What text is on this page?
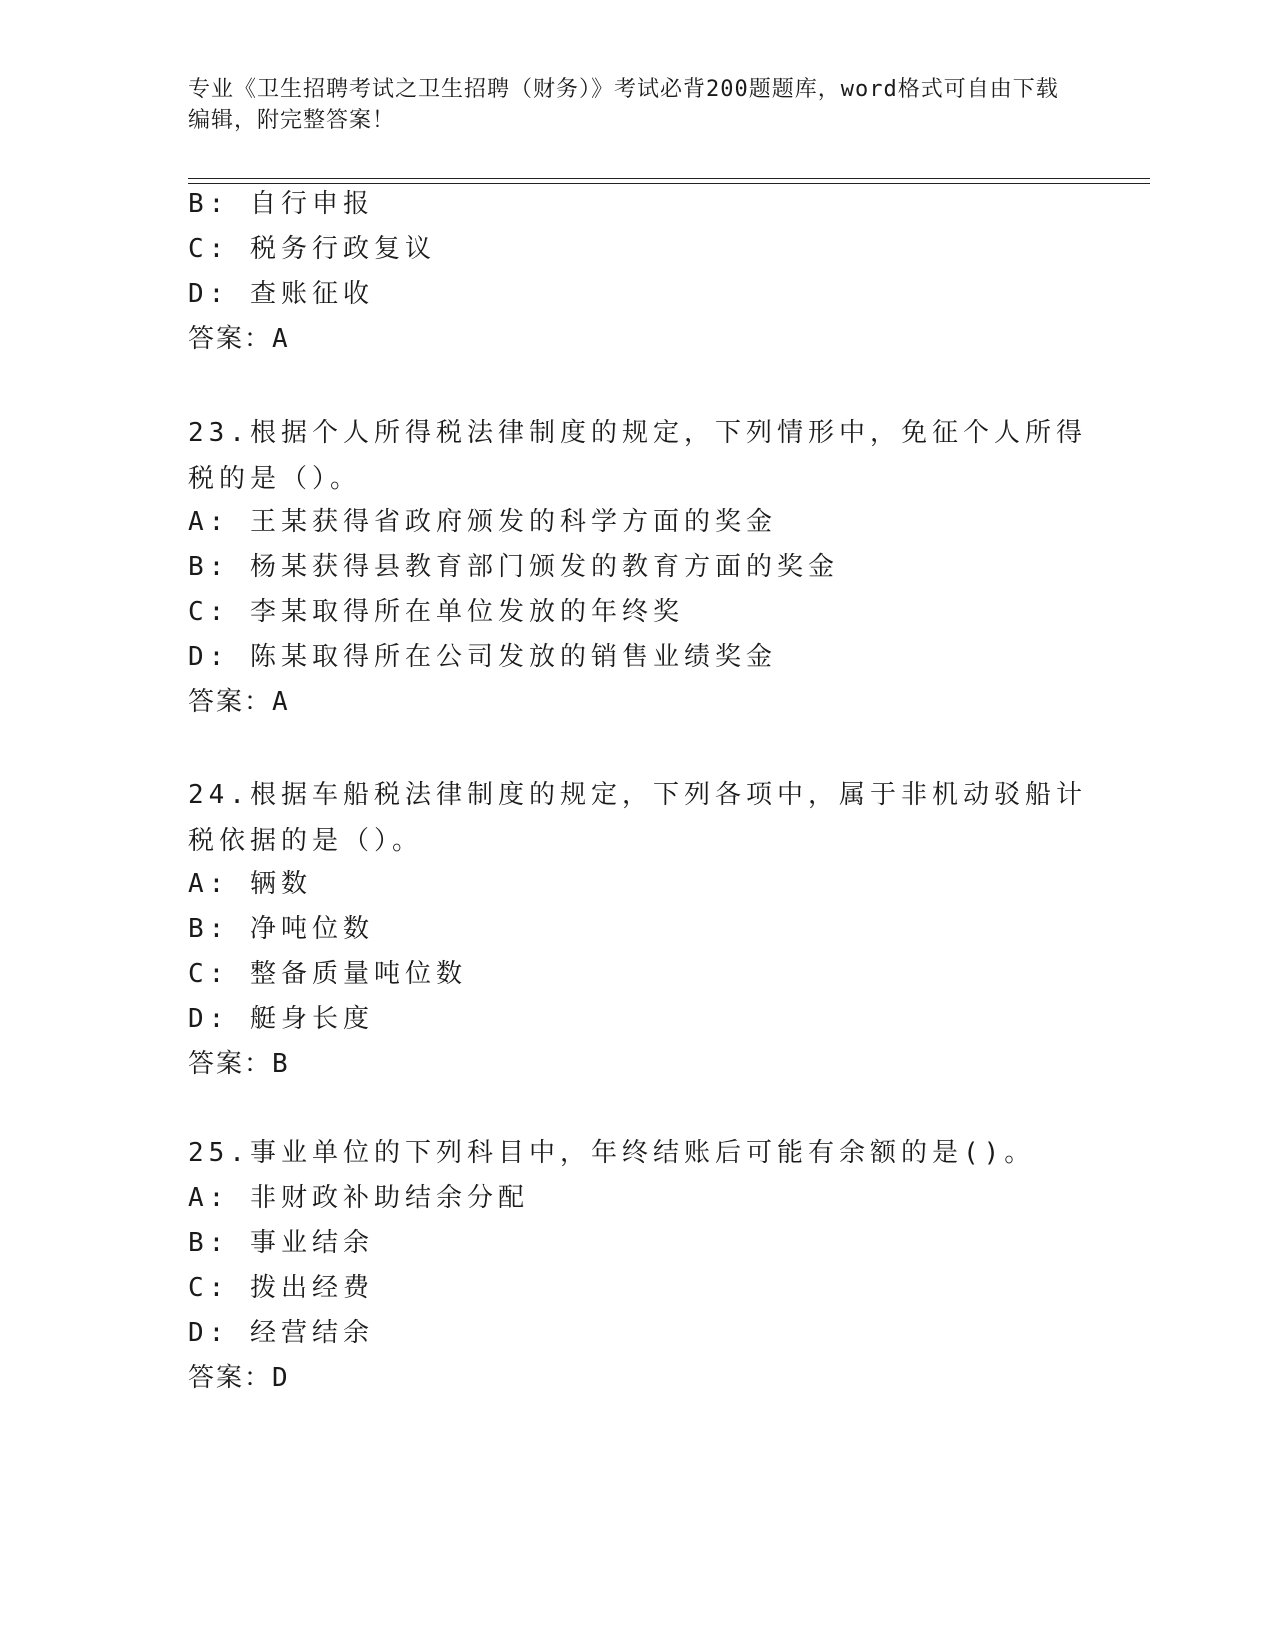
专业《卫生招聘考试之卫生招聘（财务）》考试必背200题题库，word格式可自由下载编辑，附完整答案！
B: 自行申报
C: 税务行政复议
D: 查账征收
答案：A
23.根据个人所得税法律制度的规定，下列情形中，免征个人所得税的是（）。
A: 王某获得省政府颁发的科学方面的奖金
B: 杨某获得县教育部门颁发的教育方面的奖金
C: 李某取得所在单位发放的年终奖
D: 陈某取得所在公司发放的销售业绩奖金
答案：A
24.根据车船税法律制度的规定，下列各项中，属于非机动驳船计税依据的是（）。
A: 辆数
B: 净吨位数
C: 整备质量吨位数
D: 艇身长度
答案：B
25.事业单位的下列科目中，年终结账后可能有余额的是()。
A: 非财政补助结余分配
B: 事业结余
C: 拨出经费
D: 经营结余
答案：D
